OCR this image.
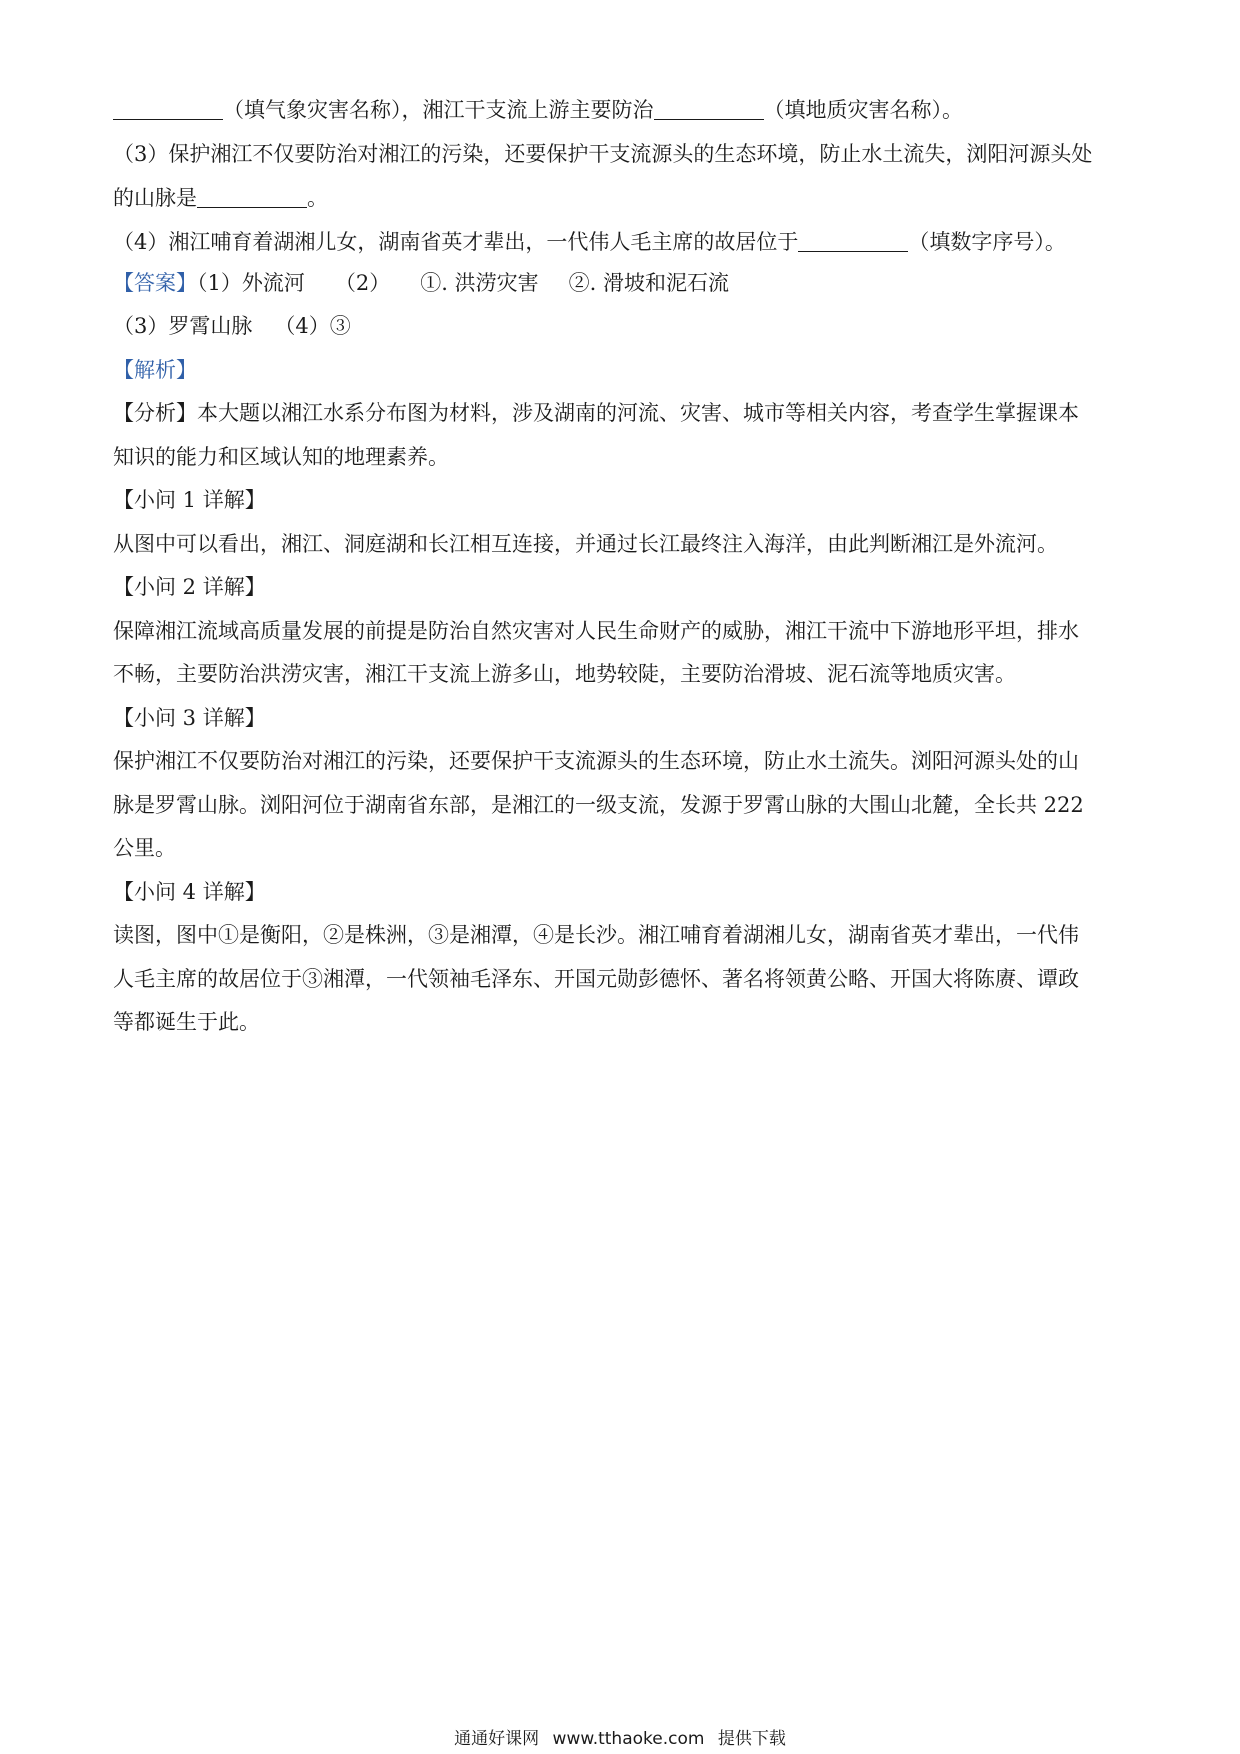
（填气象灾害名称），湘江干支流上游主要防治	（填地质灾害名称）。
（3）保护湘江不仅要防治对湘江的污染，还要保护干支流源头的生态环境，防止水土流失，浏阳河源头处
的山脉是	。
（4）湘江哺育着湖湘儿女，湖南省英才辈出，一代伟人毛主席的故居位于	（填数字序号）。
【答案】（1）外流河 （2） ①. 洪涝灾害 ②. 滑坡和泥石流
（3）罗霄山脉 （4）③
【解析】
【分析】本大题以湘江水系分布图为材料，涉及湖南的河流、灾害、城市等相关内容，考查学生掌握课本
知识的能力和区域认知的地理素养。
【小问 1 详解】
从图中可以看出，湘江、洞庭湖和长江相互连接，并通过长江最终注入海洋，由此判断湘江是外流河。
【小问 2 详解】
保障湘江流域高质量发展的前提是防治自然灾害对人民生命财产的威胁，湘江干流中下游地形平坦，排水
不畅，主要防治洪涝灾害，湘江干支流上游多山，地势较陡，主要防治滑坡、泥石流等地质灾害。
【小问 3 详解】
保护湘江不仅要防治对湘江的污染，还要保护干支流源头的生态环境，防止水土流失。浏阳河源头处的山
脉是罗霄山脉。浏阳河位于湖南省东部，是湘江的一级支流，发源于罗霄山脉的大围山北麓，全长共 222
公里。
【小问 4 详解】
读图，图中①是衡阳，②是株洲，③是湘潭，④是长沙。湘江哺育着湖湘儿女，湖南省英才辈出，一代伟
人毛主席的故居位于③湘潭，一代领袖毛泽东、开国元勋彭德怀、著名将领黄公略、开国大将陈赓、谭政
等都诞生于此。
通通好课网 www.tthaoke.com 提供下载
